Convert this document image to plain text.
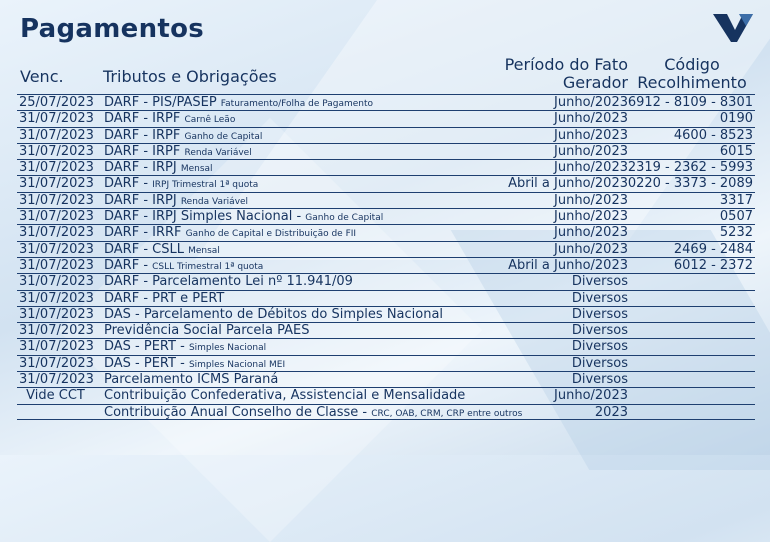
Pagamentos
Venc. Tributos e Obrigações
Período do Fato
Gerador
Código
Recolhimento
25/07/2023 DARF - PIS/PASEP Faturamento/Folha de Pagamento	Junho/2023 6912 - 8109 - 8301
31/07/2023 DARF - IRPF Carnê Leão	Junho/2023	0190
31/07/2023 DARF - IRPF Ganho de Capital	Junho/2023	4600 - 8523
31/07/2023 DARF - IRPF Renda Variável	Junho/2023	6015
31/07/2023 DARF - IRPJ Mensal	Junho/2023 2319 - 2362 - 5993
31/07/2023 DARF - IRPJ Trimestral 1ª quota	Abril a Junho/2023 0220 - 3373 - 2089
31/07/2023 DARF - IRPJ Renda Variável	Junho/2023	3317
31/07/2023 DARF - IRPJ Simples Nacional - Ganho de Capital	Junho/2023	0507
31/07/2023 DARF - IRRF Ganho de Capital e Distribuição de FII	Junho/2023	5232
31/07/2023 DARF - CSLL Mensal	Junho/2023	2469 - 2484
31/07/2023 DARF - CSLL Trimestral 1ª quota	Abril a Junho/2023	6012 - 2372
31/07/2023 DARF - Parcelamento Lei nº 11.941/09	Diversos
31/07/2023 DARF - PRT e PERT	Diversos
31/07/2023 DAS - Parcelamento de Débitos do Simples Nacional	Diversos
31/07/2023 Previdência Social Parcela PAES	Diversos
31/07/2023 DAS - PERT - Simples Nacional	Diversos
31/07/2023 DAS - PERT - Simples Nacional MEI	Diversos
31/07/2023 Parcelamento ICMS Paraná	Diversos
Vide CCT	Contribuição Confederativa, Assistencial e Mensalidade	Junho/2023
Contribuição Anual Conselho de Classe - CRC, OAB, CRM, CRP entre outros	2023
